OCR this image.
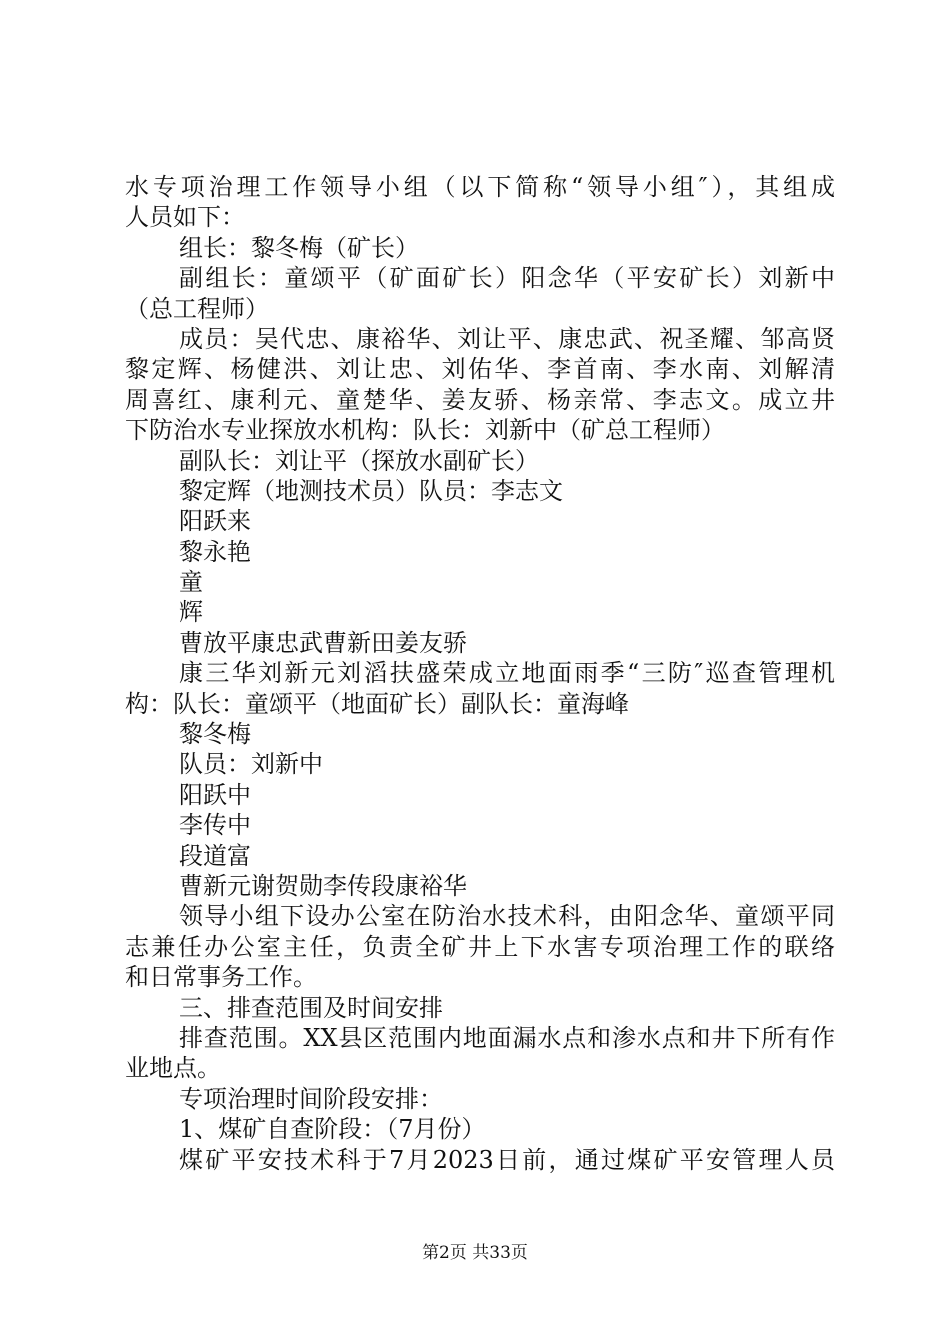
水专项治理工作领导小组（以下简称“领导小组″），其组成
人员如下：
组长：黎冬梅（矿长）
副组长：童颂平（矿面矿长）阳念华（平安矿长）刘新中
（总工程师）
成员：吴代忠、康裕华、刘让平、康忠武、祝圣耀、邹高贤
黎定辉、杨健洪、刘让忠、刘佑华、李首南、李水南、刘解清
周喜红、康利元、童楚华、姜友骄、杨亲常、李志文。成立井
下防治水专业探放水机构：队长：刘新中（矿总工程师）
副队长：刘让平（探放水副矿长）
黎定辉（地测技术员）队员：李志文
阳跃来
黎永艳
童
辉
曹放平康忠武曹新田姜友骄
康三华刘新元刘滔扶盛荣成立地面雨季“三防″巡查管理机
构：队长：童颂平（地面矿长）副队长：童海峰
黎冬梅
队员：刘新中
阳跃中
李传中
段道富
曹新元谢贺勋李传段康裕华
领导小组下设办公室在防治水技术科，由阳念华、童颂平同
志兼任办公室主任，负责全矿井上下水害专项治理工作的联络
和日常事务工作。
三、排查范围及时间安排
排查范围。XX县区范围内地面漏水点和渗水点和井下所有作
业地点。
专项治理时间阶段安排：
1、煤矿自查阶段：（7月份）
煤矿平安技术科于7月2023日前，通过煤矿平安管理人员
第2页 共33页
